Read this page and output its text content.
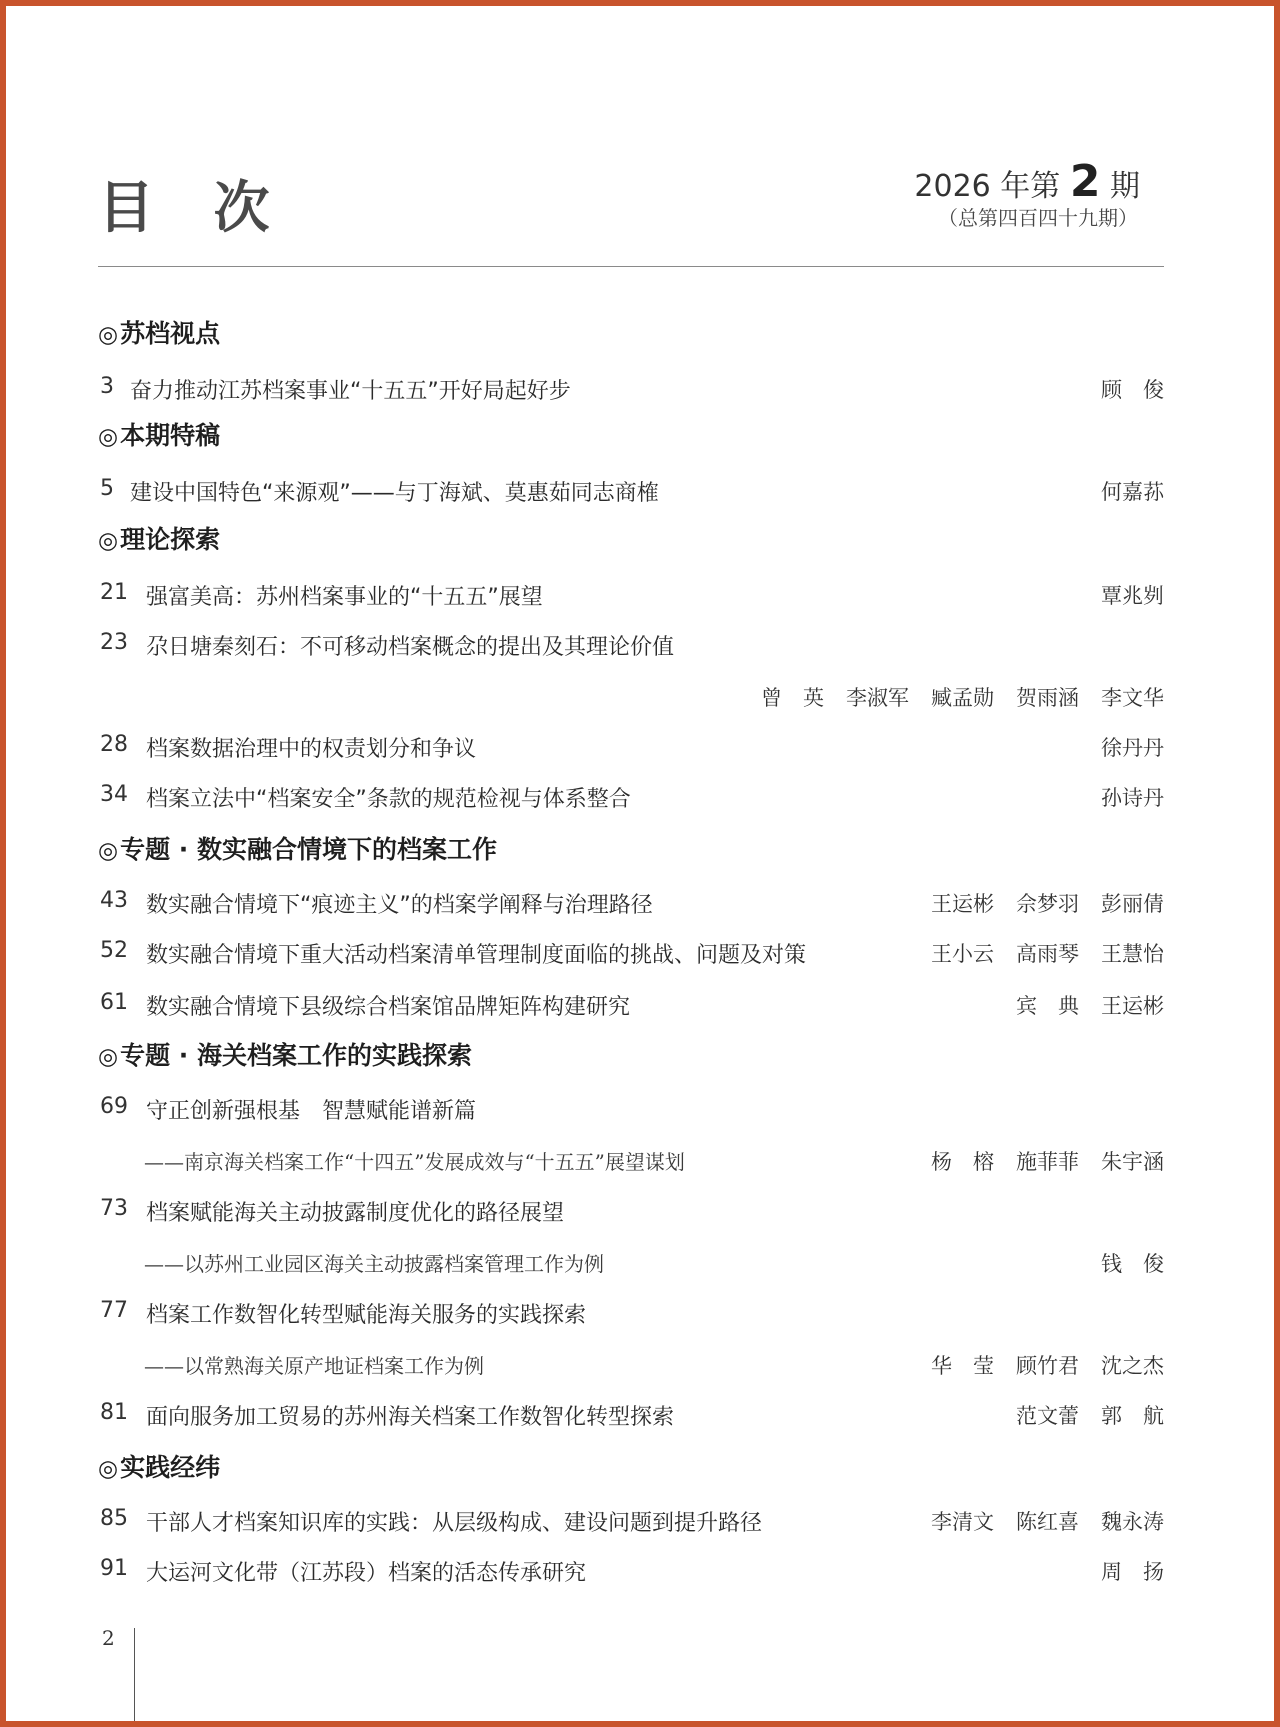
目 次	2026 年第 2 期
（总第四百四十九期）
◎苏档视点
3 奋力推动江苏档案事业“十五五”开好局起好步	顾　俊
◎本期特稿
5 建设中国特色“来源观”——与丁海斌、莫惠茹同志商榷	何嘉荪
◎理论探索
21 强富美高：苏州档案事业的“十五五”展望	覃兆刿
23 尕日塘秦刻石：不可移动档案概念的提出及其理论价值
曾　英 李淑军 臧孟勋 贺雨涵 李文华
28 档案数据治理中的权责划分和争议	徐丹丹
34 档案立法中“档案安全”条款的规范检视与体系整合	孙诗丹
◎专题 · 数实融合情境下的档案工作
43 数实融合情境下“痕迹主义”的档案学阐释与治理路径	王运彬 佘梦羽 彭丽倩
52 数实融合情境下重大活动档案清单管理制度面临的挑战、问题及对策	王小云 高雨琴 王慧怡
61 数实融合情境下县级综合档案馆品牌矩阵构建研究	宾　典 王运彬
◎专题 · 海关档案工作的实践探索
69 守正创新强根基　智慧赋能谱新篇
——南京海关档案工作“十四五”发展成效与“十五五”展望谋划	杨　榕 施菲菲 朱宇涵
73 档案赋能海关主动披露制度优化的路径展望
——以苏州工业园区海关主动披露档案管理工作为例	钱　俊
77 档案工作数智化转型赋能海关服务的实践探索
——以常熟海关原产地证档案工作为例	华　莹 顾竹君 沈之杰
81 面向服务加工贸易的苏州海关档案工作数智化转型探索	范文蕾 郭　航
◎实践经纬
85 干部人才档案知识库的实践：从层级构成、建设问题到提升路径	李清文 陈红喜 魏永涛
91 大运河文化带（江苏段）档案的活态传承研究	周　扬
2
